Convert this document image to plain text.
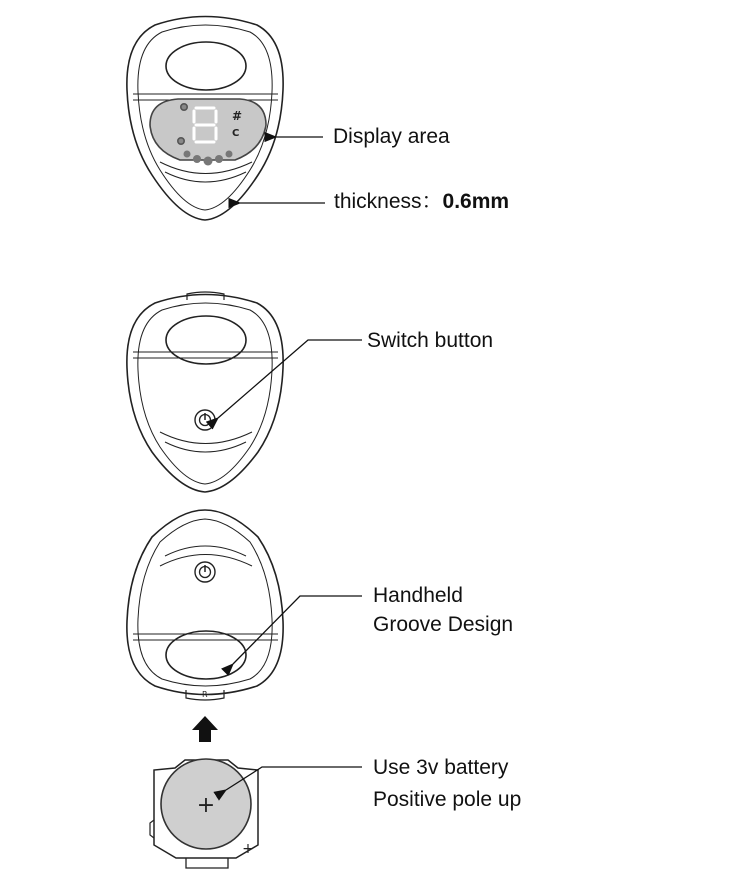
#
C
R
+
+
Display area
thickness：0.6mm
Switch button
Handheld
Groove Design
Use 3v battery
Positive pole up
